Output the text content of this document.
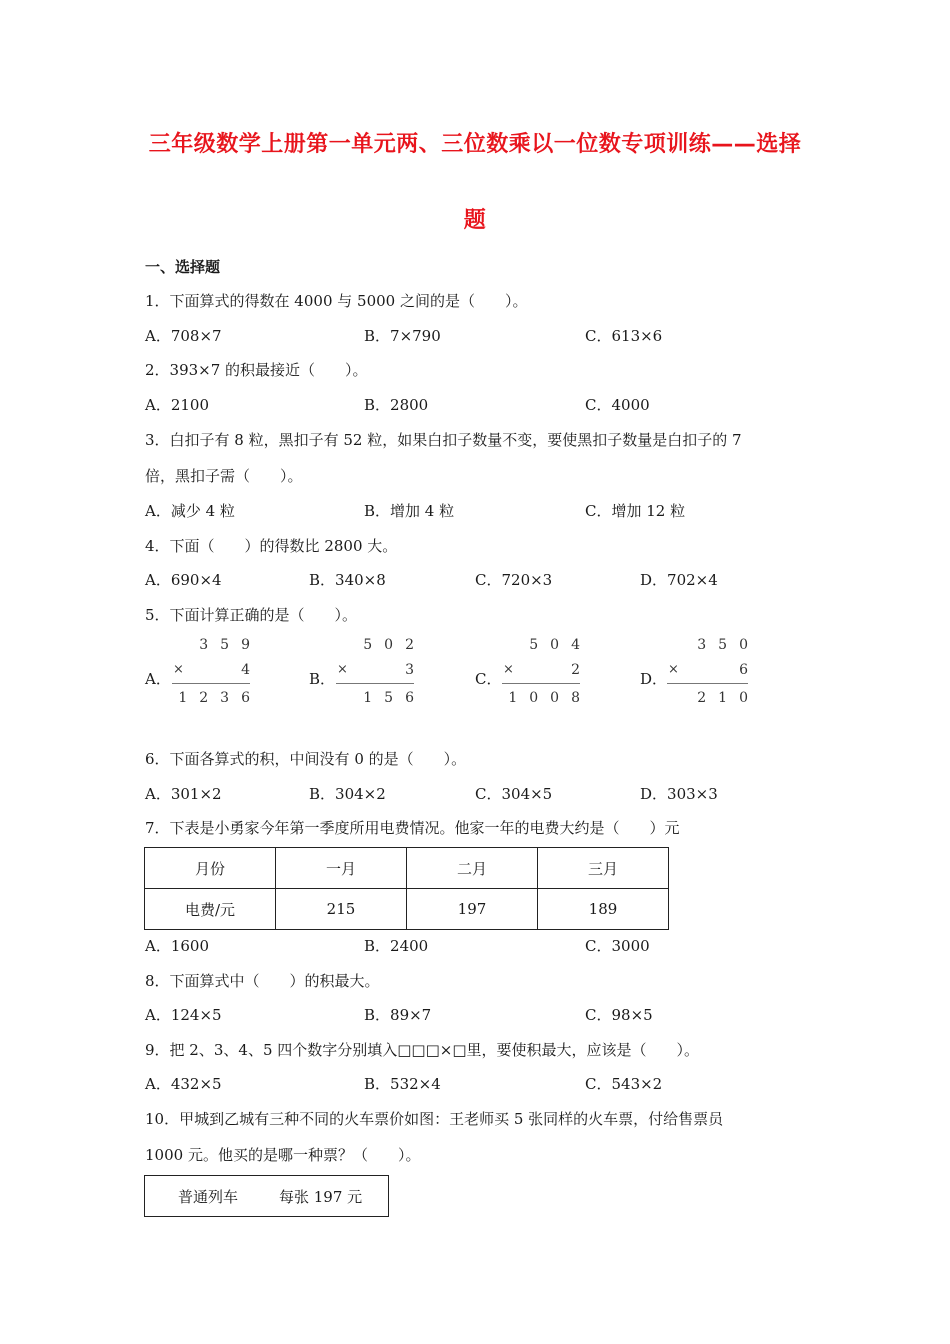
三年级数学上册第一单元两、三位数乘以一位数专项训练——选择
题
一、选择题
1．下面算式的得数在 4000 与 5000 之间的是（　　）。
A．708×7	B．7×790	C．613×6
2．393×7 的积最接近（　　）。
A．2100	B．2800	C．4000
3．白扣子有 8 粒，黑扣子有 52 粒，如果白扣子数量不变，要使黑扣子数量是白扣子的 7
倍，黑扣子需（　　）。
A．减少 4 粒	B．增加 4 粒	C．增加 12 粒
4．下面（　　）的得数比 2800 大。
A．690×4	B．340×8	C．720×3	D．702×4
5．下面计算正确的是（　　）。
A．
359
×	4
1236
B．
502
×	3
156
C．
504
×	2
1008
D．
350
×	6
210
6．下面各算式的积，中间没有 0 的是（　　）。
A．301×2	B．304×2	C．304×5	D．303×3
7．下表是小勇家今年第一季度所用电费情况。他家一年的电费大约是（　　）元
月份	一月	二月	三月
电费/元	215	197	189
A．1600	B．2400	C．3000
8．下面算式中（　　）的积最大。
A．124×5	B．89×7	C．98×5
9．把 2、3、4、5 四个数字分别填入□□□×□里，要使积最大，应该是（　　）。
A．432×5	B．532×4	C．543×2
10．甲城到乙城有三种不同的火车票价如图：王老师买 5 张同样的火车票，付给售票员
1000 元。他买的是哪一种票？（　　）。
普通列车	每张 197 元
